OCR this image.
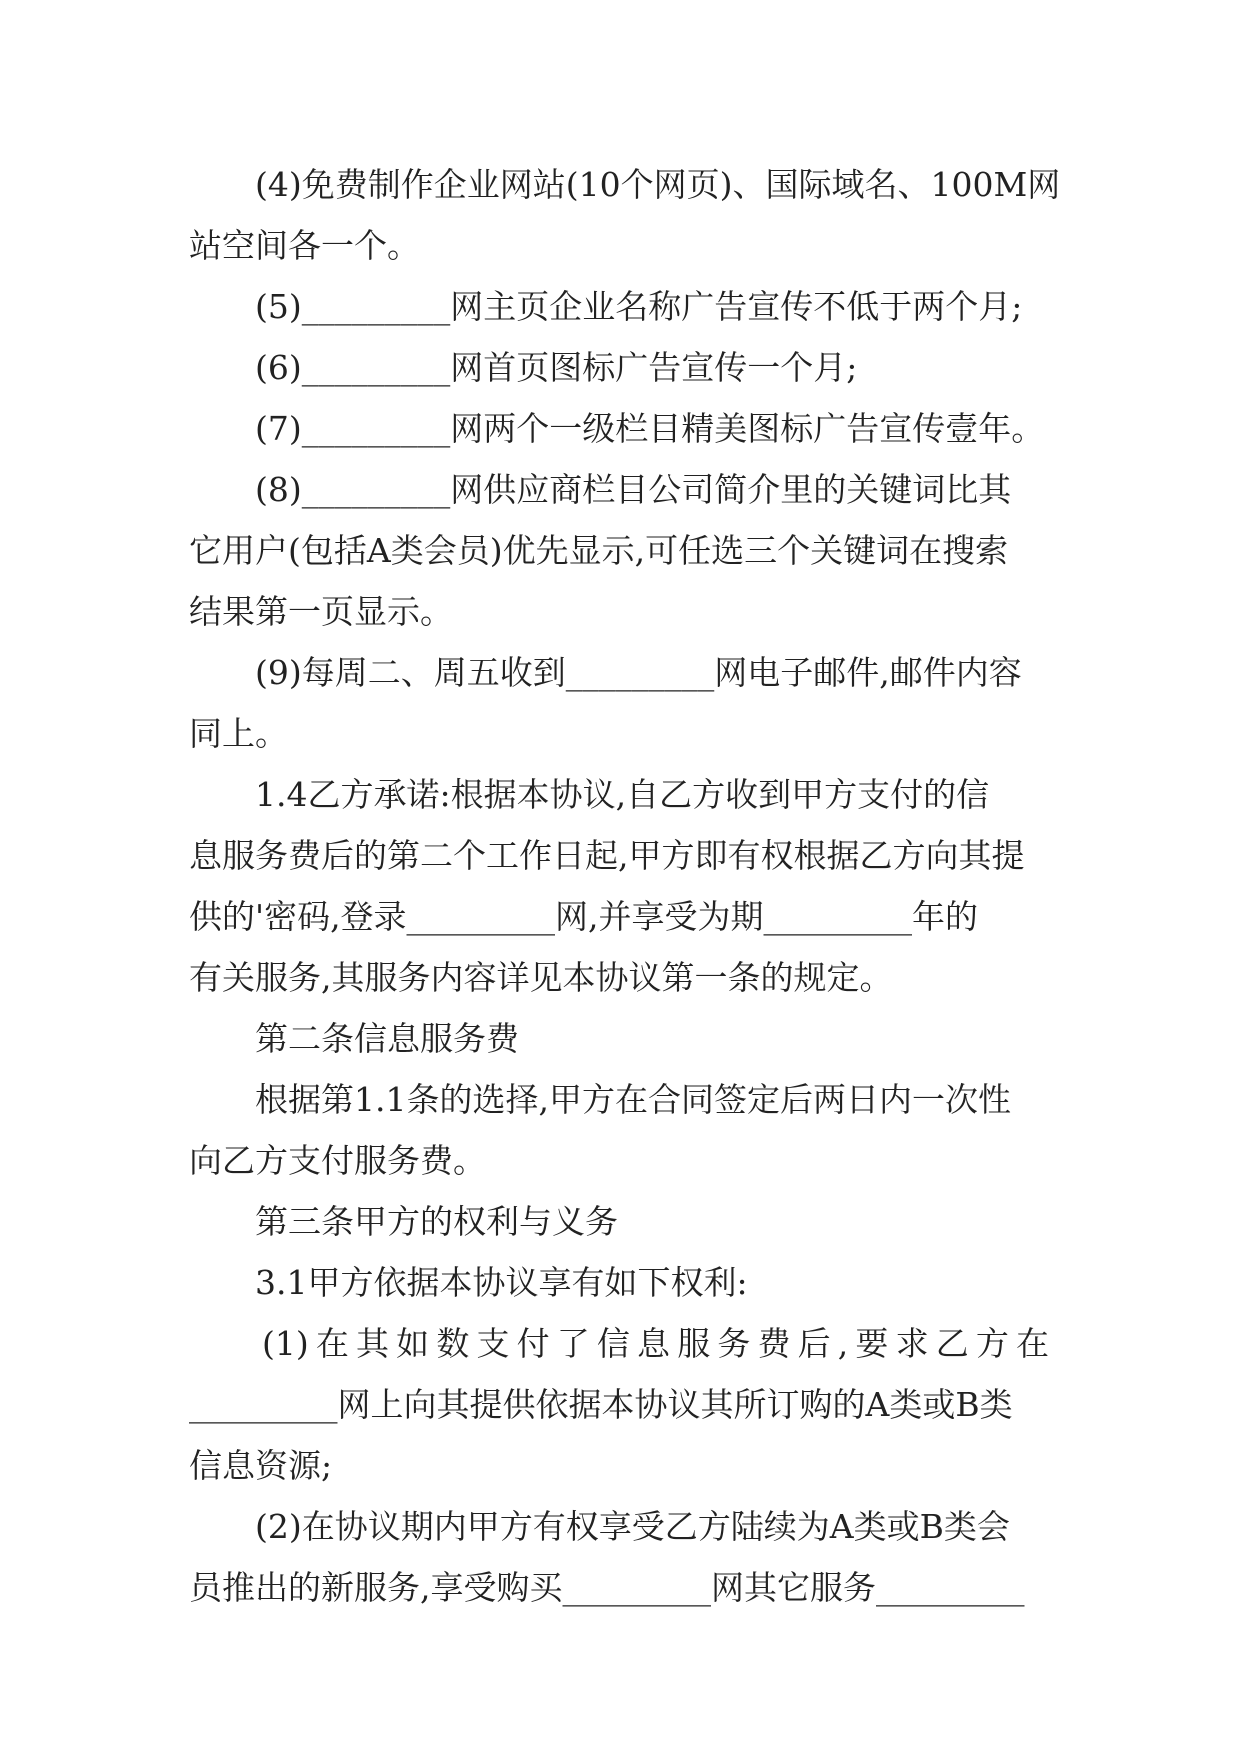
(4)免费制作企业网站(10个网页)、国际域名、100M网
站空间各一个。
(5)_________网主页企业名称广告宣传不低于两个月;
(6)_________网首页图标广告宣传一个月;
(7)_________网两个一级栏目精美图标广告宣传壹年。
(8)_________网供应商栏目公司简介里的关键词比其
它用户(包括A类会员)优先显示,可任选三个关键词在搜索
结果第一页显示。
(9)每周二、周五收到_________网电子邮件,邮件内容
同上。
1.4乙方承诺:根据本协议,自乙方收到甲方支付的信
息服务费后的第二个工作日起,甲方即有权根据乙方向其提
供的'密码,登录_________网,并享受为期_________年的
有关服务,其服务内容详见本协议第一条的规定。
第二条信息服务费
根据第1.1条的选择,甲方在合同签定后两日内一次性
向乙方支付服务费。
第三条甲方的权利与义务
3.1甲方依据本协议享有如下权利:
(1)在其如数支付了信息服务费后,要求乙方在
_________网上向其提供依据本协议其所订购的A类或B类
信息资源;
(2)在协议期内甲方有权享受乙方陆续为A类或B类会
员推出的新服务,享受购买_________网其它服务_________
